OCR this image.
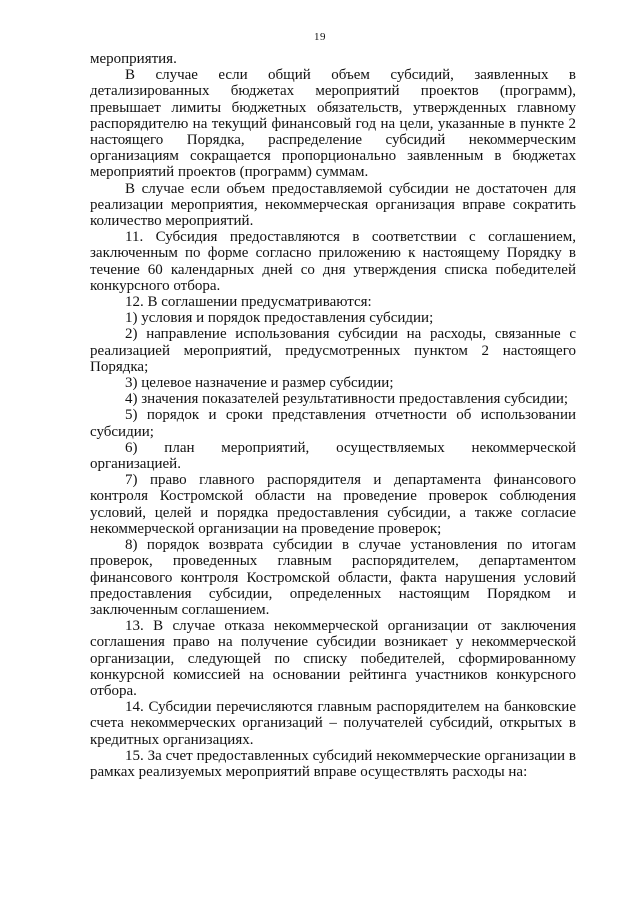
19

мероприятия.

В случае если общий объем субсидий, заявленных в детализированных бюджетах мероприятий проектов (программ), превышает лимиты бюджетных обязательств, утвержденных главному распорядителю на текущий финансовый год на цели, указанные в пункте 2 настоящего Порядка, распределение субсидий некоммерческим организациям сокращается пропорционально заявленным в бюджетах мероприятий проектов (программ) суммам.

В случае если объем предоставляемой субсидии не достаточен для реализации мероприятия, некоммерческая организация вправе сократить количество мероприятий.

11. Субсидия предоставляются в соответствии с соглашением, заключенным по форме согласно приложению к настоящему Порядку в течение 60 календарных дней со дня утверждения списка победителей конкурсного отбора.

12. В соглашении предусматриваются:

1) условия и порядок предоставления субсидии;

2) направление использования субсидии на расходы, связанные с реализацией мероприятий, предусмотренных пунктом 2 настоящего Порядка;

3) целевое назначение и размер субсидии;

4) значения показателей результативности предоставления субсидии;

5) порядок и сроки представления отчетности об использовании субсидии;

6) план мероприятий, осуществляемых некоммерческой организацией.

7) право главного распорядителя и департамента финансового контроля Костромской области на проведение проверок соблюдения условий, целей и порядка предоставления субсидии, а также согласие некоммерческой организации на проведение проверок;

8) порядок возврата субсидии в случае установления по итогам проверок, проведенных главным распорядителем, департаментом финансового контроля Костромской области, факта нарушения условий предоставления субсидии, определенных настоящим Порядком и заключенным соглашением.

13. В случае отказа некоммерческой организации от заключения соглашения право на получение субсидии возникает у некоммерческой организации, следующей по списку победителей, сформированному конкурсной комиссией на основании рейтинга участников конкурсного отбора.

14. Субсидии перечисляются главным распорядителем на банковские счета некоммерческих организаций – получателей субсидий, открытых в кредитных организациях.

15. За счет предоставленных субсидий некоммерческие организации в рамках реализуемых мероприятий вправе осуществлять расходы на:
